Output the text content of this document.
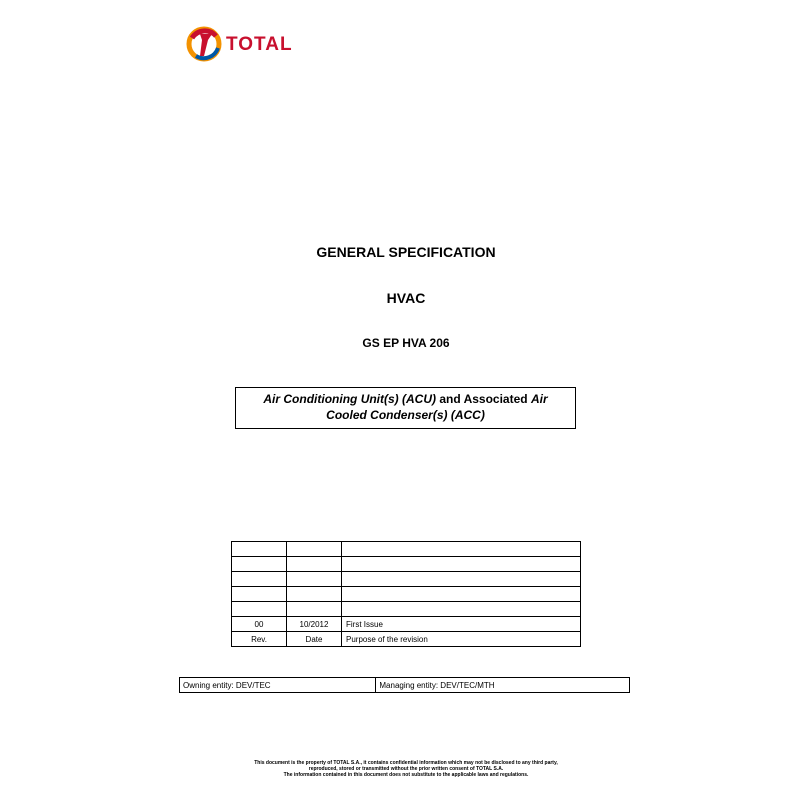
TOTAL
GENERAL SPECIFICATION
HVAC
GS EP HVA 206
Air Conditioning Unit(s) (ACU) and Associated Air
Cooled Condenser(s) (ACC)

00	10/2012	First Issue
Rev.	Date	Purpose of the revision
Owning entity: DEV/TEC	Managing entity: DEV/TEC/MTH
This document is the property of TOTAL S.A., it contains confidential information which may not be disclosed to any third party,
reproduced, stored or transmitted without the prior written consent of TOTAL S.A.
The information contained in this document does not substitute to the applicable laws and regulations.
